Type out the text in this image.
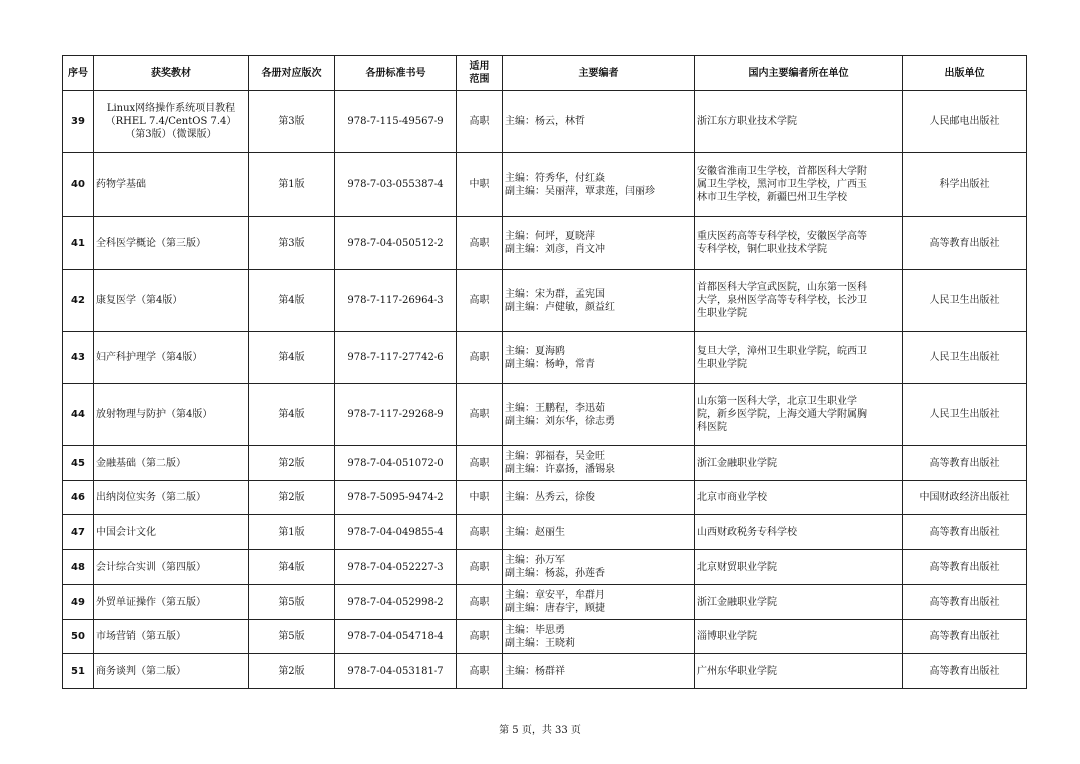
序号	获奖教材	各册对应版次	各册标准书号	适用
范围	主要编者	国内主要编者所在单位	出版单位
39	Linux网络操作系统项目教程
（RHEL 7.4/CentOS 7.4）
（第3版）（微课版）	第3版	978-7-115-49567-9	高职	主编：杨云，林哲	浙江东方职业技术学院	人民邮电出版社
40	药物学基础	第1版	978-7-03-055387-4	中职	主编：符秀华，付红焱
副主编：吴丽萍，覃隶莲，闫丽珍	安徽省淮南卫生学校，首都医科大学附
属卫生学校，黑河市卫生学校，广西玉
林市卫生学校，新疆巴州卫生学校	科学出版社
41	全科医学概论（第三版）	第3版	978-7-04-050512-2	高职	主编：何坪，夏晓萍
副主编：刘彦，肖文冲	重庆医药高等专科学校，安徽医学高等
专科学校，铜仁职业技术学院	高等教育出版社
42	康复医学（第4版）	第4版	978-7-117-26964-3	高职	主编：宋为群，孟宪国
副主编：卢健敏，颜益红	首都医科大学宣武医院，山东第一医科
大学，泉州医学高等专科学校，长沙卫
生职业学院	人民卫生出版社
43	妇产科护理学（第4版）	第4版	978-7-117-27742-6	高职	主编：夏海鸥
副主编：杨峥，常青	复旦大学，漳州卫生职业学院，皖西卫
生职业学院	人民卫生出版社
44	放射物理与防护（第4版）	第4版	978-7-117-29268-9	高职	主编：王鹏程，李迅茹
副主编：刘东华，徐志勇	山东第一医科大学，北京卫生职业学
院，新乡医学院，上海交通大学附属胸
科医院	人民卫生出版社
45	金融基础（第二版）	第2版	978-7-04-051072-0	高职	主编：郭福春，吴金旺
副主编：许嘉扬，潘锡泉	浙江金融职业学院	高等教育出版社
46	出纳岗位实务（第二版）	第2版	978-7-5095-9474-2	中职	主编：丛秀云，徐俊	北京市商业学校	中国财政经济出版社
47	中国会计文化	第1版	978-7-04-049855-4	高职	主编：赵丽生	山西财政税务专科学校	高等教育出版社
48	会计综合实训（第四版）	第4版	978-7-04-052227-3	高职	主编：孙万军
副主编：杨蕊，孙莲香	北京财贸职业学院	高等教育出版社
49	外贸单证操作（第五版）	第5版	978-7-04-052998-2	高职	主编：章安平，牟群月
副主编：唐春宇，顾捷	浙江金融职业学院	高等教育出版社
50	市场营销（第五版）	第5版	978-7-04-054718-4	高职	主编：毕思勇
副主编：王晓莉	淄博职业学院	高等教育出版社
51	商务谈判（第二版）	第2版	978-7-04-053181-7	高职	主编：杨群祥	广州东华职业学院	高等教育出版社
第 5 页，共 33 页
